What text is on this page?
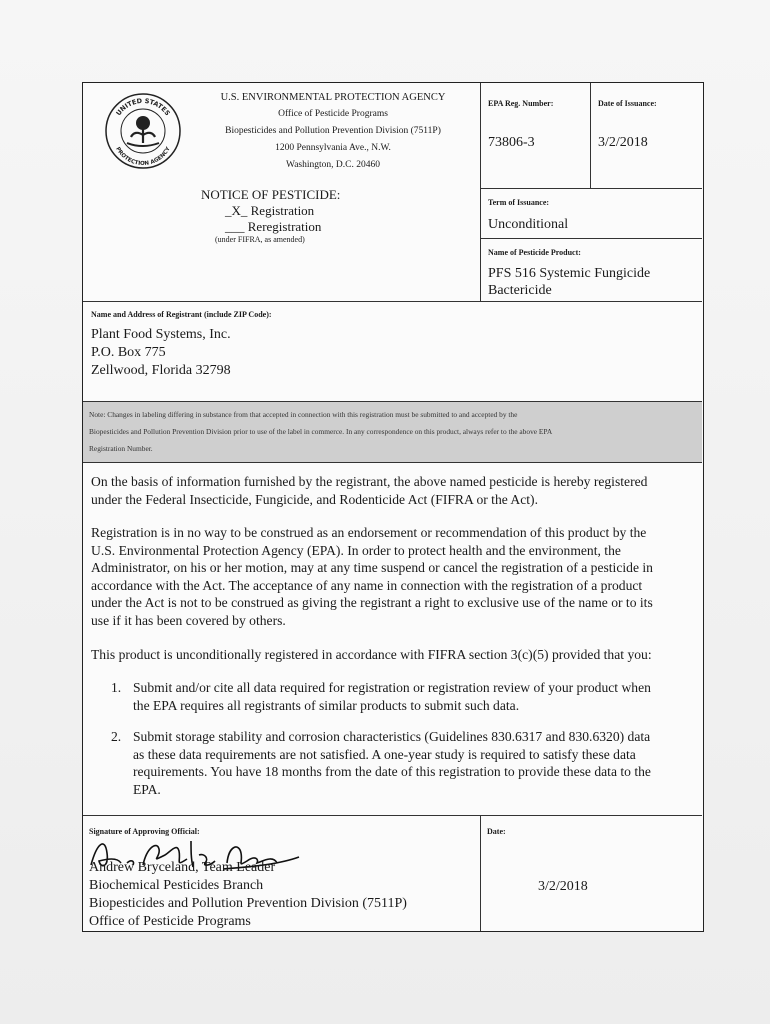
UNITED STATES
PROTECTION AGENCY
U.S. ENVIRONMENTAL PROTECTION AGENCY
Office of Pesticide Programs
Biopesticides and Pollution Prevention Division (7511P)
1200 Pennsylvania Ave., N.W.
Washington, D.C. 20460
NOTICE OF PESTICIDE:
_X_ Registration
___ Reregistration
(under FIFRA, as amended)
EPA Reg. Number:
73806-3
Date of Issuance:
3/2/2018
Term of Issuance:
Unconditional
Name of Pesticide Product:
PFS 516 Systemic Fungicide
Bactericide
Name and Address of Registrant (include ZIP Code):
Plant Food Systems, Inc.
P.O. Box 775
Zellwood, Florida 32798
Note: Changes in labeling differing in substance from that accepted in connection with this registration must be submitted to and accepted by the
Biopesticides and Pollution Prevention Division prior to use of the label in commerce. In any correspondence on this product, always refer to the above EPA
Registration Number.
On the basis of information furnished by the registrant, the above named pesticide is hereby registered
under the Federal Insecticide, Fungicide, and Rodenticide Act (FIFRA or the Act).
Registration is in no way to be construed as an endorsement or recommendation of this product by the
U.S. Environmental Protection Agency (EPA). In order to protect health and the environment, the
Administrator, on his or her motion, may at any time suspend or cancel the registration of a pesticide in
accordance with the Act. The acceptance of any name in connection with the registration of a product
under the Act is not to be construed as giving the registrant a right to exclusive use of the name or to its
use if it has been covered by others.
This product is unconditionally registered in accordance with FIFRA section 3(c)(5) provided that you:
1. Submit and/or cite all data required for registration or registration review of your product when
the EPA requires all registrants of similar products to submit such data.
2. Submit storage stability and corrosion characteristics (Guidelines 830.6317 and 830.6320) data
as these data requirements are not satisfied. A one-year study is required to satisfy these data
requirements. You have 18 months from the date of this registration to provide these data to the
EPA.
Signature of Approving Official:
Andrew Bryceland, Team Leader
Biochemical Pesticides Branch
Biopesticides and Pollution Prevention Division (7511P)
Office of Pesticide Programs
Date:
3/2/2018
